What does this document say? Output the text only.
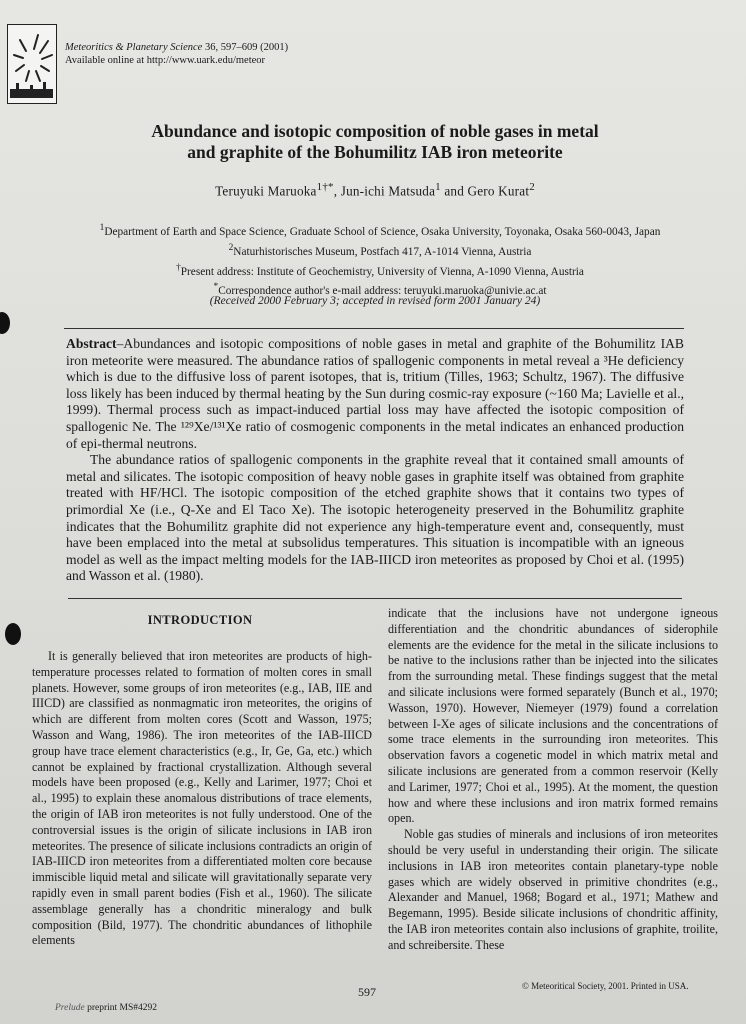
Meteoritics & Planetary Science 36, 597–609 (2001)
Available online at http://www.uark.edu/meteor
Abundance and isotopic composition of noble gases in metal
and graphite of the Bohumilitz IAB iron meteorite
Teruyuki Maruoka$^{1\dagger*}$, Jun-ichi Matsuda$^1$ and Gero Kurat$^2$
$^1$Department of Earth and Space Science, Graduate School of Science, Osaka University, Toyonaka, Osaka 560-0043, Japan
$^2$Naturhistorisches Museum, Postfach 417, A-1014 Vienna, Austria
†Present address: Institute of Geochemistry, University of Vienna, A-1090 Vienna, Austria
*Correspondence author's e-mail address: teruyuki.maruoka@univie.ac.at
(Received 2000 February 3; accepted in revised form 2001 January 24)

Abstract–Abundances and isotopic compositions of noble gases in metal and graphite of the Bohumilitz IAB iron meteorite were measured. The abundance ratios of spallogenic components in metal reveal a ³He deficiency which is due to the diffusive loss of parent isotopes, that is, tritium (Tilles, 1963; Schultz, 1967). The diffusive loss likely has been induced by thermal heating by the Sun during cosmic-ray exposure (~160 Ma; Lavielle et al., 1999). Thermal process such as impact-induced partial loss may have affected the isotopic composition of spallogenic Ne. The ¹²⁹Xe/¹³¹Xe ratio of cosmogenic components in the metal indicates an enhanced production of epi-thermal neutrons.

The abundance ratios of spallogenic components in the graphite reveal that it contained small amounts of metal and silicates. The isotopic composition of heavy noble gases in graphite itself was obtained from graphite treated with HF/HCl. The isotopic composition of the etched graphite shows that it contains two types of primordial Xe (i.e., Q-Xe and El Taco Xe). The isotopic heterogeneity preserved in the Bohumilitz graphite indicates that the Bohumilitz graphite did not experience any high-temperature event and, consequently, must have been emplaced into the metal at subsolidus temperatures. This situation is incompatible with an igneous model as well as the impact melting models for the IAB-IIICD iron meteorites as proposed by Choi et al. (1995) and Wasson et al. (1980).

INTRODUCTION

It is generally believed that iron meteorites are products of high-temperature processes related to formation of molten cores in small planets. However, some groups of iron meteorites (e.g., IAB, IIE and IIICD) are classified as nonmagmatic iron meteorites, the origins of which are different from molten cores (Scott and Wasson, 1975; Wasson and Wang, 1986). The iron meteorites of the IAB-IIICD group have trace element characteristics (e.g., Ir, Ge, Ga, etc.) which cannot be explained by fractional crystallization. Although several models have been proposed (e.g., Kelly and Larimer, 1977; Choi et al., 1995) to explain these anomalous distributions of trace elements, the origin of IAB iron meteorites is not fully understood. One of the controversial issues is the origin of silicate inclusions in IAB iron meteorites. The presence of silicate inclusions contradicts an origin of IAB-IIICD iron meteorites from a differentiated molten core because immiscible liquid metal and silicate will gravitationally separate very rapidly even in small parent bodies (Fish et al., 1960). The silicate assemblage generally has a chondritic mineralogy and bulk composition (Bild, 1977). The chondritic abundances of lithophile elements

indicate that the inclusions have not undergone igneous differentiation and the chondritic abundances of siderophile elements are the evidence for the metal in the silicate inclusions to be native to the inclusions rather than be injected into the silicates from the surrounding metal. These findings suggest that the metal and silicate inclusions were formed separately (Bunch et al., 1970; Wasson, 1970). However, Niemeyer (1979) found a correlation between I-Xe ages of silicate inclusions and the concentrations of some trace elements in the surrounding iron meteorites. This observation favors a cogenetic model in which matrix metal and silicate inclusions are generated from a common reservoir (Kelly and Larimer, 1977; Choi et al., 1995). At the moment, the question how and where these inclusions and iron matrix formed remains open.

Noble gas studies of minerals and inclusions of iron meteorites should be very useful in understanding their origin. The silicate inclusions in IAB iron meteorites contain planetary-type noble gases which are widely observed in primitive chondrites (e.g., Alexander and Manuel, 1968; Bogard et al., 1971; Mathew and Begemann, 1995). Beside silicate inclusions of chondritic affinity, the IAB iron meteorites contain also inclusions of graphite, troilite, and schreibersite. These

597	© Meteoritical Society, 2001. Printed in USA.
Prelude preprint MS#4292
